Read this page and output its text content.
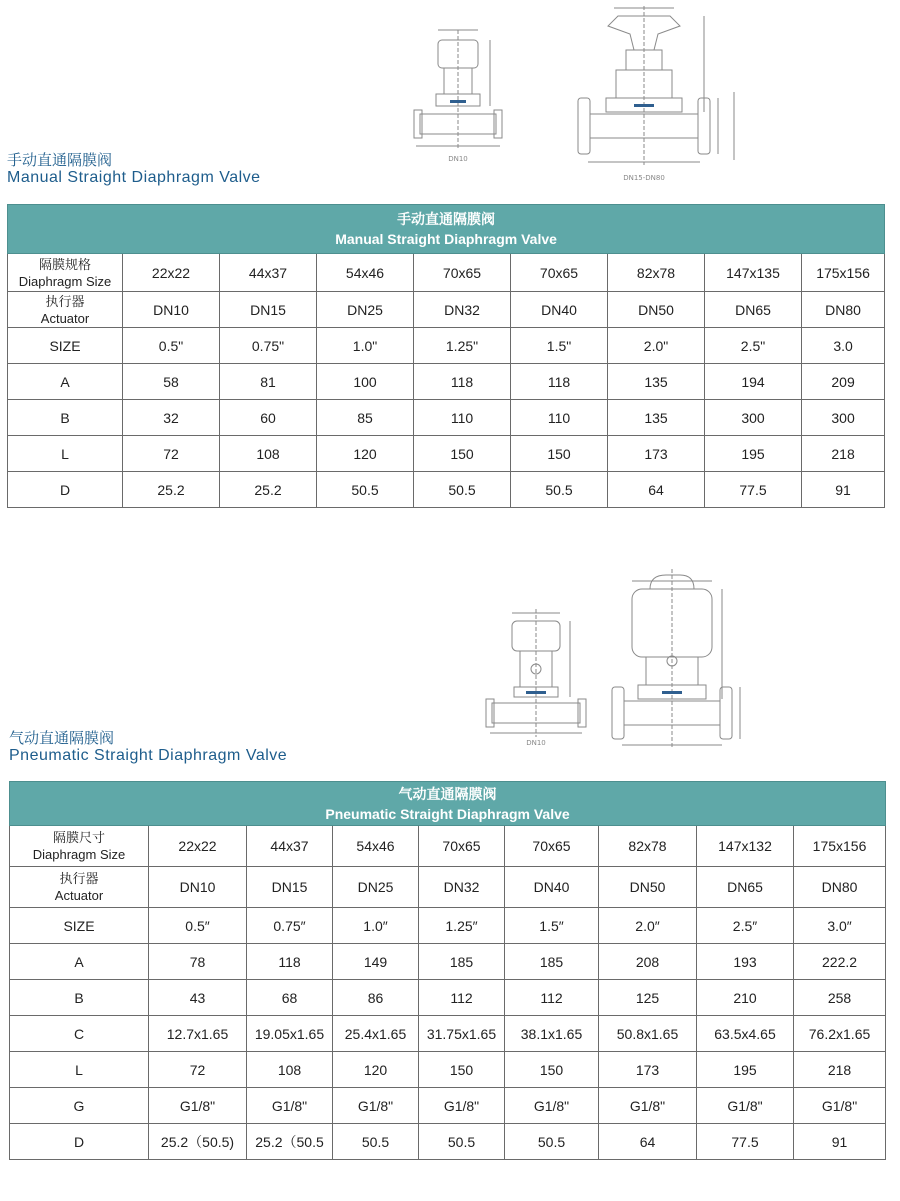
DN10
DN15-DN80
手动直通隔膜阀
Manual Straight Diaphragm Valve
手动直通隔膜阀
Manual Straight Diaphragm Valve								

隔膜规格
Diaphragm Size	22x22	44x37	54x46	70x65	70x65	82x78	147x135	175x156

执行器
Actuator	DN10	DN15	DN25	DN32	DN40	DN50	DN65	DN80
SIZE	0.5"	0.75"	1.0"	1.25"	1.5"	2.0"	2.5"	3.0
A	58	81	100	118	118	135	194	209
B	32	60	85	110	110	135	300	300
L	72	108	120	150	150	173	195	218
D	25.2	25.2	50.5	50.5	50.5	64	77.5	91
DN10
气动直通隔膜阀
Pneumatic Straight Diaphragm Valve
气动直通隔膜阀
Pneumatic Straight Diaphragm Valve								

隔膜尺寸
Diaphragm Size	22x22	44x37	54x46	70x65	70x65	82x78	147x132	175x156

执行器
Actuator	DN10	DN15	DN25	DN32	DN40	DN50	DN65	DN80
SIZE	0.5″	0.75″	1.0″	1.25″	1.5″	2.0″	2.5″	3.0″
A	78	118	149	185	185	208	193	222.2
B	43	68	86	112	112	125	210	258
C	12.7x1.65	19.05x1.65	25.4x1.65	31.75x1.65	38.1x1.65	50.8x1.65	63.5x4.65	76.2x1.65
L	72	108	120	150	150	173	195	218
G	G1/8"	G1/8"	G1/8"	G1/8"	G1/8"	G1/8"	G1/8"	G1/8"
D	25.2（50.5)	25.2（50.5	50.5	50.5	50.5	64	77.5	91
